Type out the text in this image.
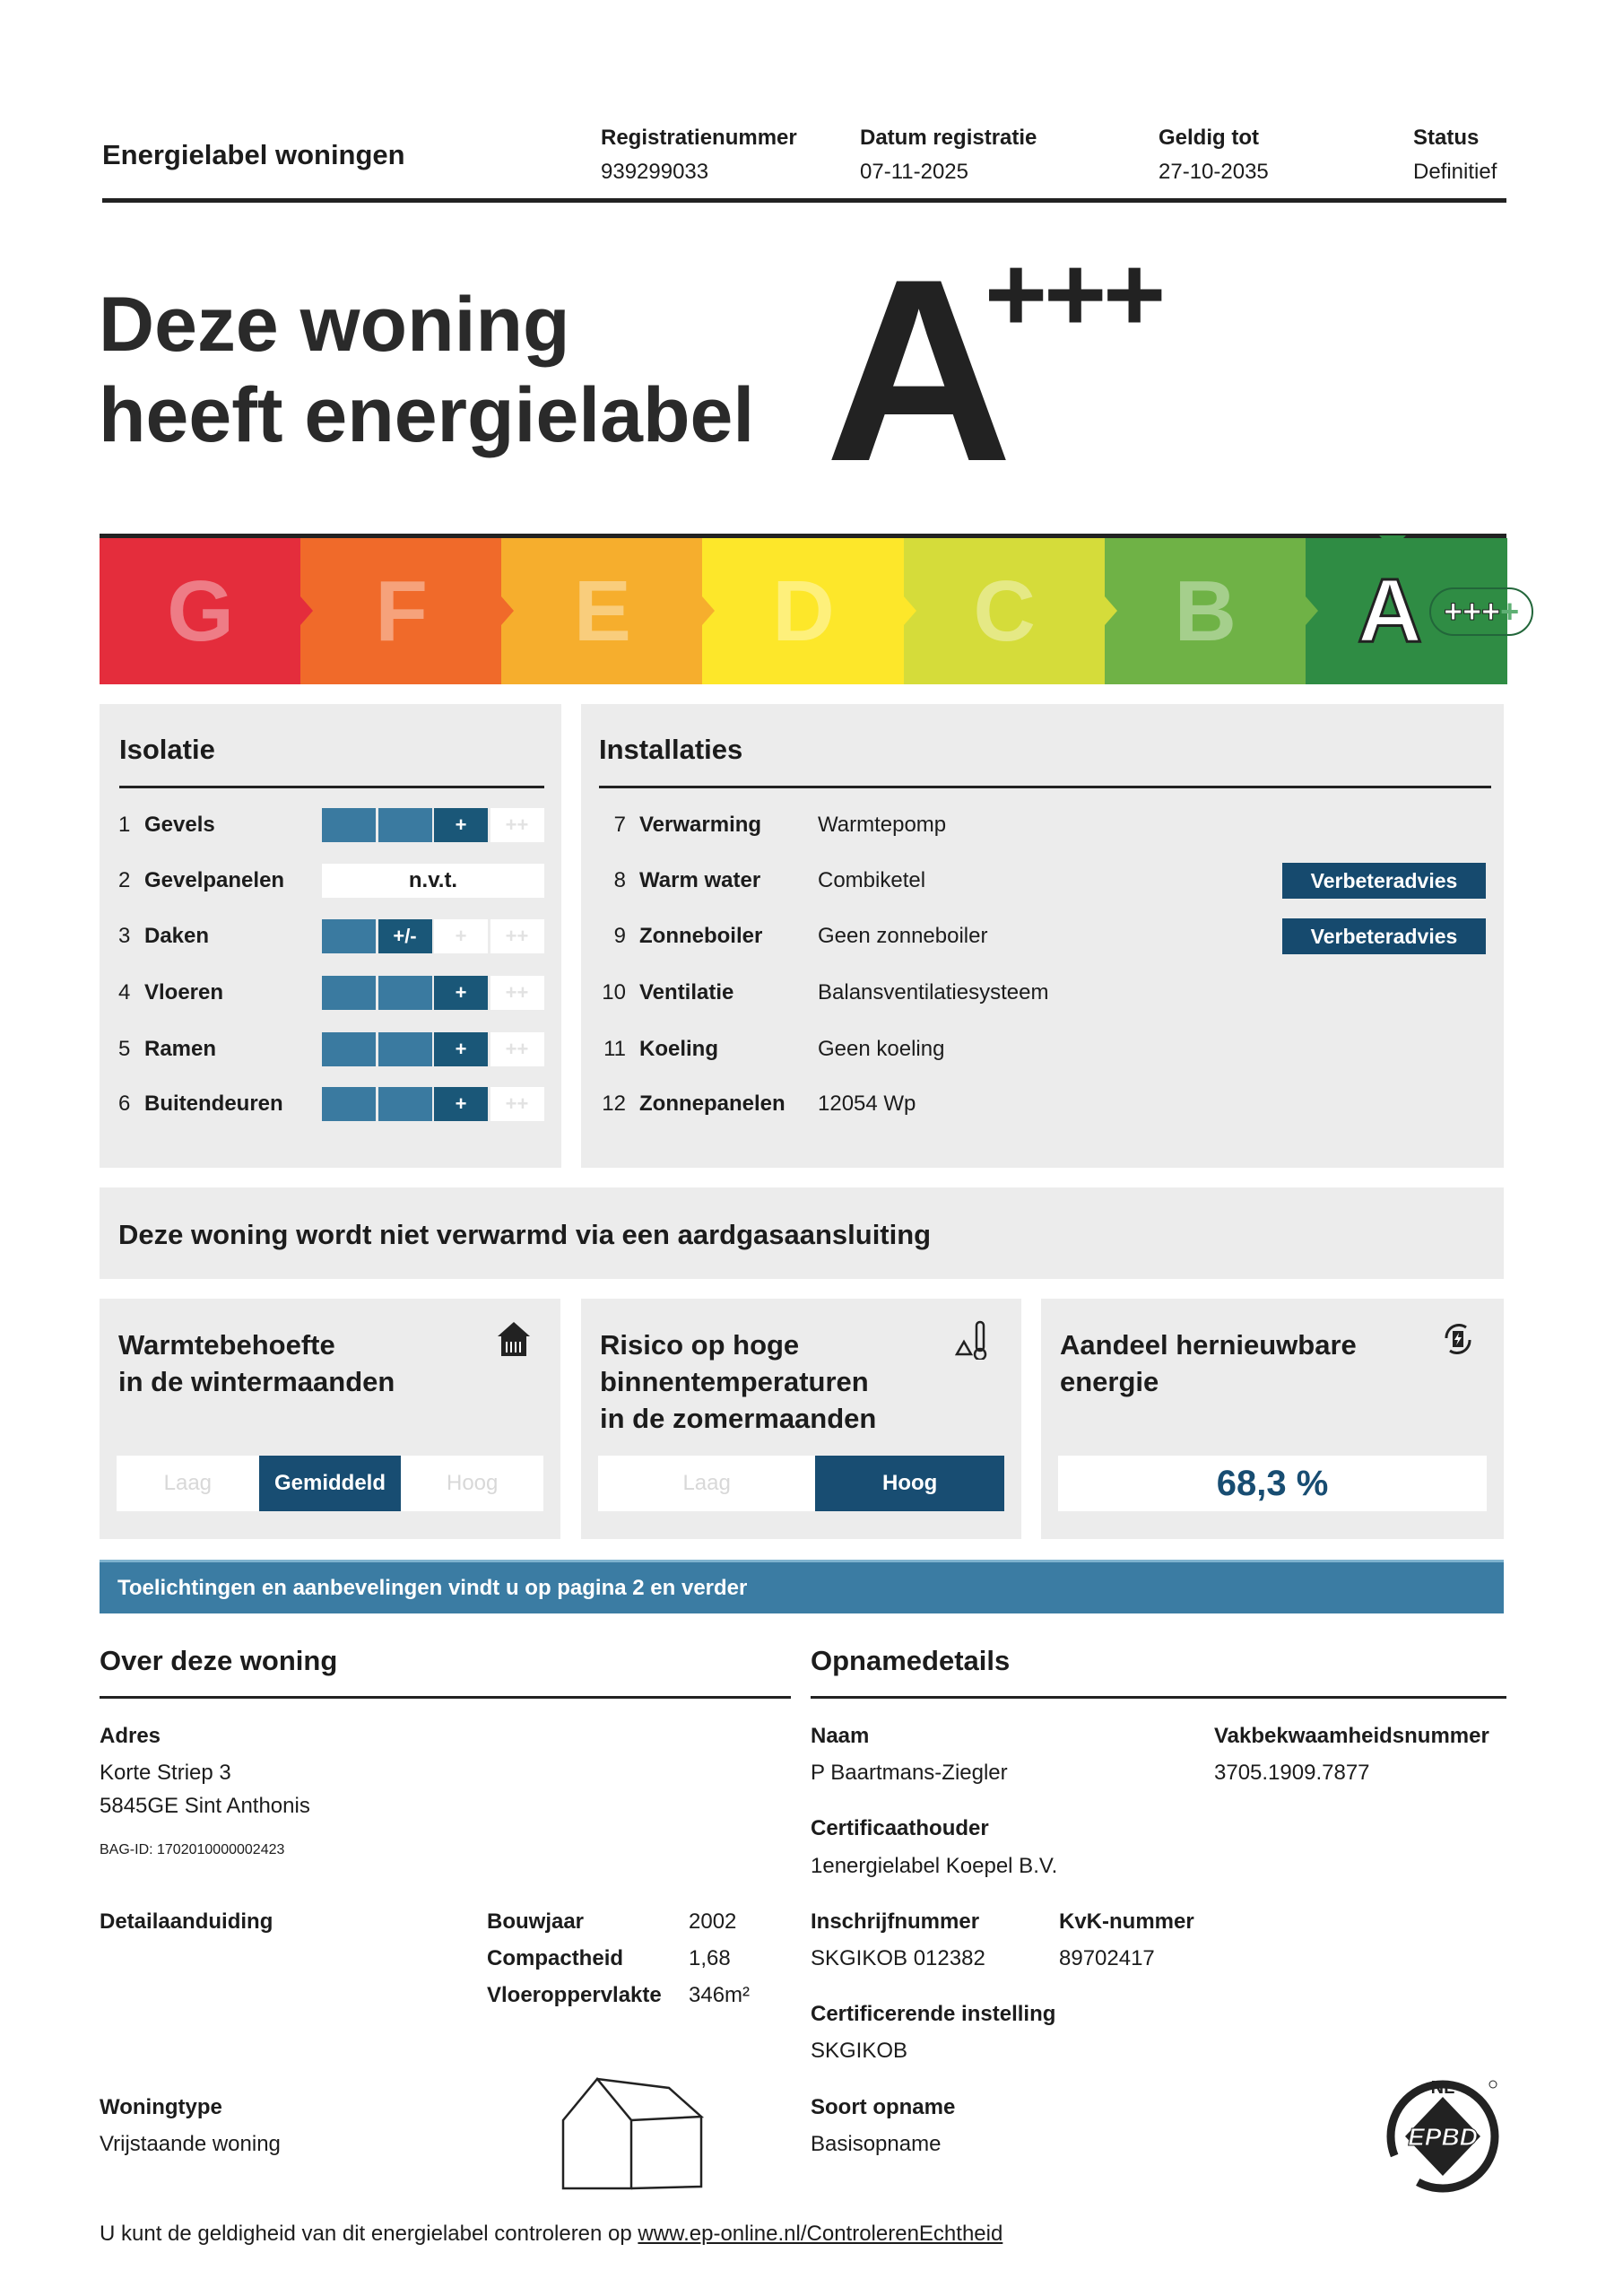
Energielabel woningen
Deze woning
heeft energielabel A
+++
Isolatie	Installaties
Deze woning wordt niet verwarmd via een aardgasaansluiting
Toelichtingen en aanbevelingen vindt u op pagina 2 en verder
Over deze woning
Adres
Korte Striep 3
5845GE Sint Anthonis
BAG-ID: 1702010000002423
Detailaanduiding
Woningtype
Vrijstaande woning
Opnamedetails
Naam
P Baartmans-Ziegler
Vakbekwaamheidsnummer
3705.1909.7877
Certificaathouder
1energielabel Koepel B.V.
Inschrijfnummer
SKGIKOB 012382
KvK-nummer
89702417
Certificerende instelling
SKGIKOB
Soort opname
Basisopname	EPBD
NL
U kunt de geldigheid van dit energielabel controleren op www.ep-online.nl/ControlerenEchtheid
Registratienummer
939299033
Datum registratie
07-11-2025
Geldig tot
27-10-2035
Status
Definitief
G	F	E	D	C	B	A ++++
1 Gevels	+	++
2 Gevelpanelen	n.v.t.
3 Daken	+/-	+	++
4 Vloeren	+	++
5 Ramen	+	++
6 Buitendeuren	+	++
7 Verwarming	Warmtepomp
8 Warm water	Combiketel	Verbeteradvies
9 Zonneboiler	Geen zonneboiler	Verbeteradvies
10 Ventilatie	Balansventilatiesysteem
11 Koeling	Geen koeling
12 Zonnepanelen 12054 Wp
Warmtebehoefte
in de wintermaanden
Laag	Gemiddeld	Hoog
Risico op hoge
binnentemperaturen
in de zomermaanden
Laag	Hoog
Aandeel hernieuwbare
energie
68,3 %
Bouwjaar	2002
Compactheid	1,68
Vloeroppervlakte 346m²
